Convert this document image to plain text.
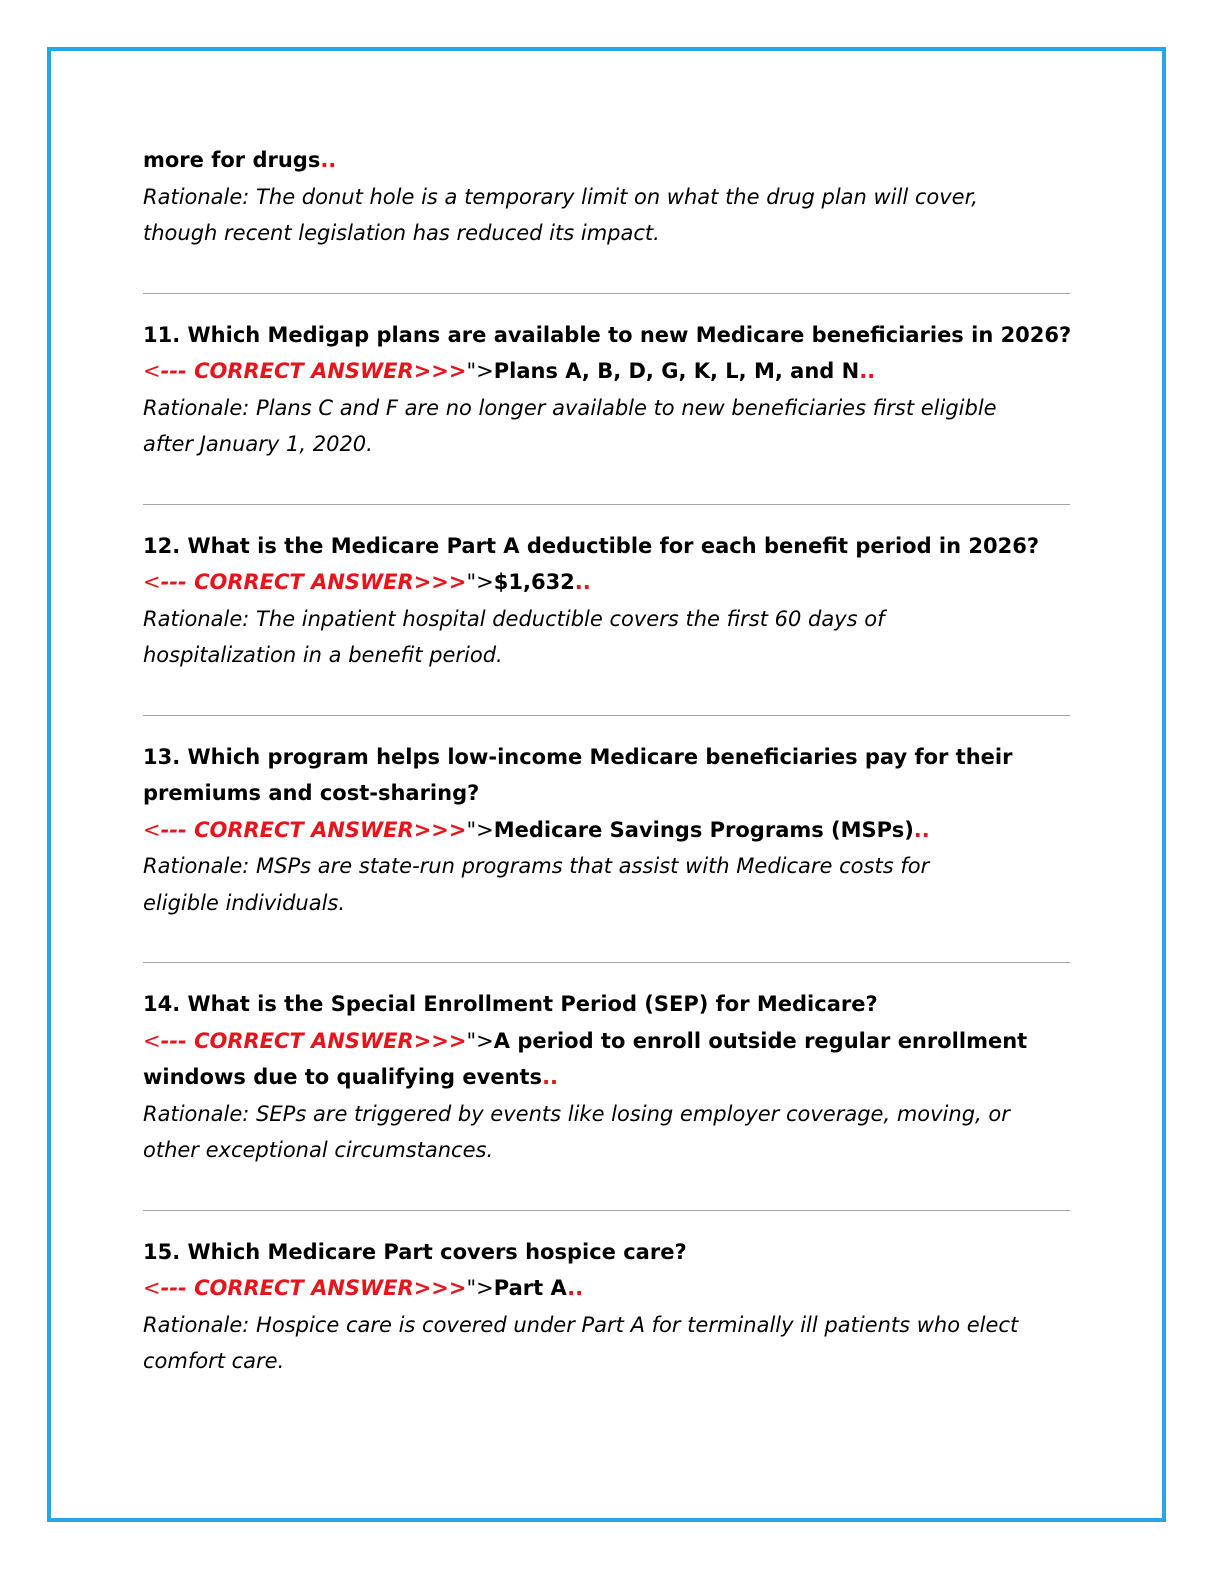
more for drugs..
Rationale: The donut hole is a temporary limit on what the drug plan will cover,
though recent legislation has reduced its impact.
11. Which Medigap plans are available to new Medicare beneficiaries in 2026?
<--- CORRECT ANSWER>>>">Plans A, B, D, G, K, L, M, and N..
Rationale: Plans C and F are no longer available to new beneficiaries first eligible
after January 1, 2020.
12. What is the Medicare Part A deductible for each benefit period in 2026?
<--- CORRECT ANSWER>>>">$1,632..
Rationale: The inpatient hospital deductible covers the first 60 days of
hospitalization in a benefit period.
13. Which program helps low-income Medicare beneficiaries pay for their
premiums and cost-sharing?
<--- CORRECT ANSWER>>>">Medicare Savings Programs (MSPs)..
Rationale: MSPs are state-run programs that assist with Medicare costs for
eligible individuals.
14. What is the Special Enrollment Period (SEP) for Medicare?
<--- CORRECT ANSWER>>>">A period to enroll outside regular enrollment
windows due to qualifying events..
Rationale: SEPs are triggered by events like losing employer coverage, moving, or
other exceptional circumstances.
15. Which Medicare Part covers hospice care?
<--- CORRECT ANSWER>>>">Part A..
Rationale: Hospice care is covered under Part A for terminally ill patients who elect
comfort care.
